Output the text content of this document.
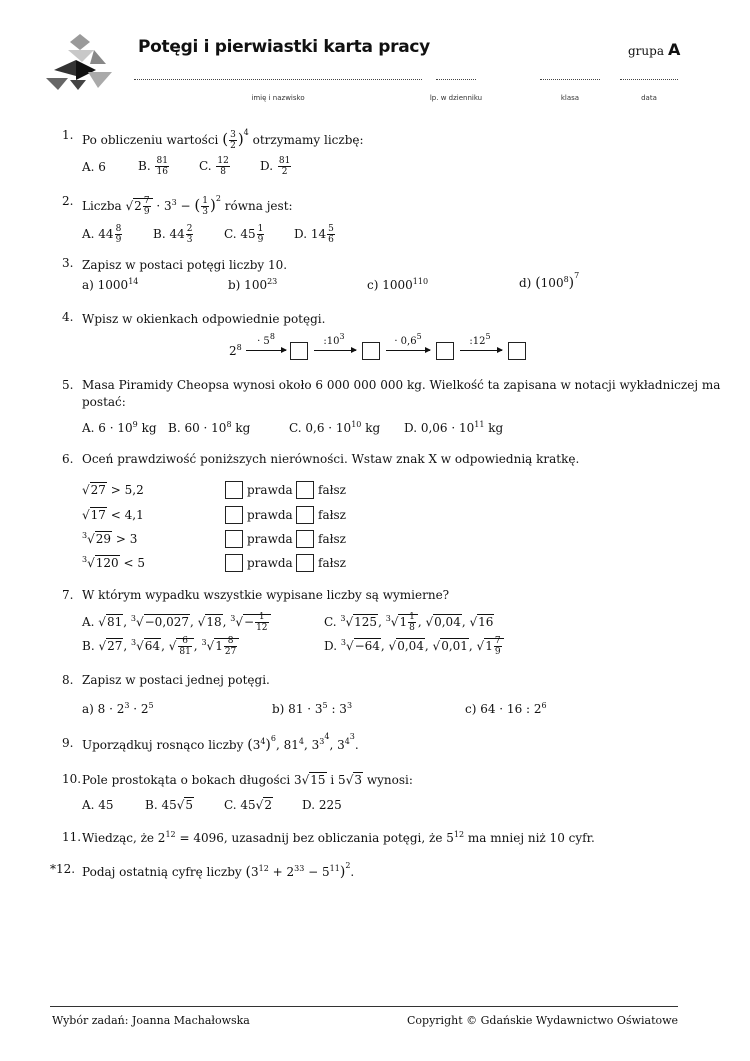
Potęgi i pierwiastki karta pracy	grupa A
imię i nazwisko	lp. w dzienniku	klasa	data
1. Po obliczeniu wartości ( $\frac{3}{2} )^4$ otrzymamy liczbę:
A. 6	B. $\frac{81}{16}$	C. $\frac{12}{8}$	D. $\frac{81}{2}$
2. Liczba $√2 \frac{7}{9} \cdot 3^3$ − ( $\frac{1}{3} )^2$ równa jest:
A. $44 \frac{8}{9}$	B. $44 \frac{2}{3}$	C. $45 \frac{1}{9} D$. $14 \frac{5}{6}$
3. Zapisz w postaci potęgi liczby 10.
a) 1000$^{14}$	b) $100^{23}$	c) 1000$^{110}$	d) $(100^8)^7$
4. Wpisz w okienkach odpowiednie potęgi.
$2^8$
· $5^8$	$:10^3$	· $0,6^5$	$:12^5$
5. Masa Piramidy Cheopsa wynosi około 6 000 000 000 kg. Wielkość ta zapisana w notacji wykładniczej ma
postać:
A. $6 \cdot 10^9$ kg B. $60 \cdot 10^8$ kg	C. $0,6 \cdot 10^{10}$ kg D. $0,06 \cdot 10^{11}$ kg
6. Oceń prawdziwość poniższych nierówności. Wstaw znak X w odpowiednią kratkę.
√27 > 5,2	prawda fałsz
√17 < 4,1	prawda fałsz
$^3$√29 > 3	prawda fałsz
$^3$√120 < 5	prawda fałsz
7. W którym wypadku wszystkie wypisane liczby są wymierne?
A. √81, $^3$√−0,027, √18, $^3√- \frac{1}{12}$	C. $^3$√125, $^3√1 \frac{1}{8}$ , √0,04, √16
B. √27, $^3$√64, √ $\frac{6}{81}$ , $^3√1 \frac{8}{27}$	D. $^3$√−64, √0,04, √0,01, $√1 \frac{7}{9}$
8. Zapisz w postaci jednej potęgi.
a) $8 \cdot 2^3 \cdot 2^5$	b) $81 \cdot 3^5$ : $3^3$	c) 64 · 16 : $2^6$
9. Uporządkuj rosnąco liczby $(3^4)^6$, $81^4$, $3^{3^4}$, $3^{4^3}$.
10. Pole prostokąta o bokach długości 3√15 i 5√3 wynosi:
A. 45	B. 45√5	C. 45√2	D. 225
11. Wiedząc, że $2^{12} = 4096$, uzasadnij bez obliczania potęgi, że $5^{12}$ ma mniej niż 10 cyfr.
*12. Podaj ostatnią cyfrę liczby $(3^{12} + 2^{33} - 5^{11})^2$.
Wybór zadań: Joanna Machałowska	Copyright © Gdańskie Wydawnictwo Oświatowe
